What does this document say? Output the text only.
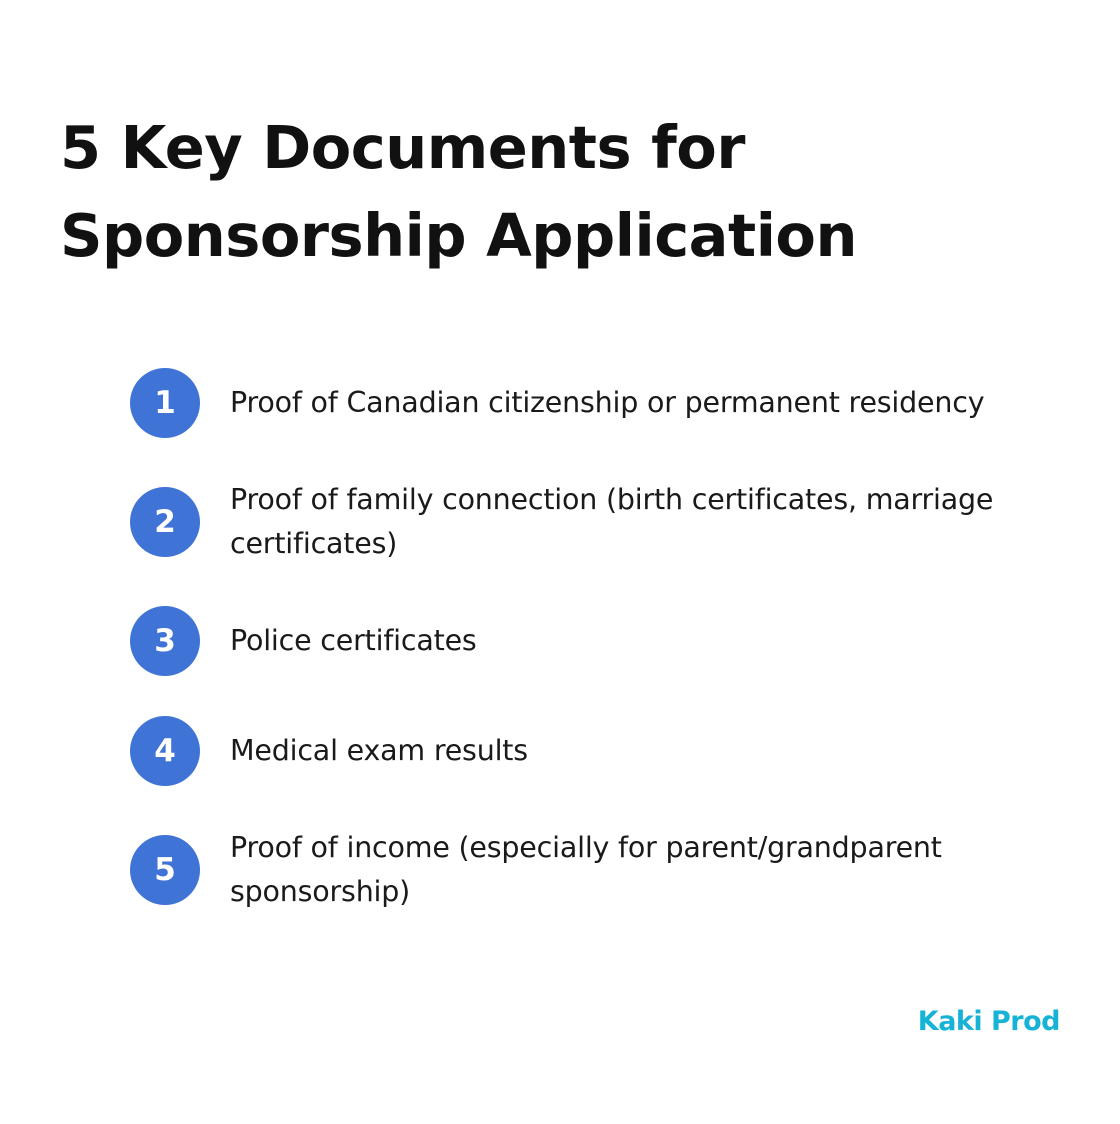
5 Key Documents for
Sponsorship Application
1	Proof of Canadian citizenship or permanent residency
2
Proof of family connection (birth certificates, marriage
certificates)
3	Police certificates
4	Medical exam results
5
Proof of income (especially for parent/grandparent
sponsorship)
Kaki Prod
